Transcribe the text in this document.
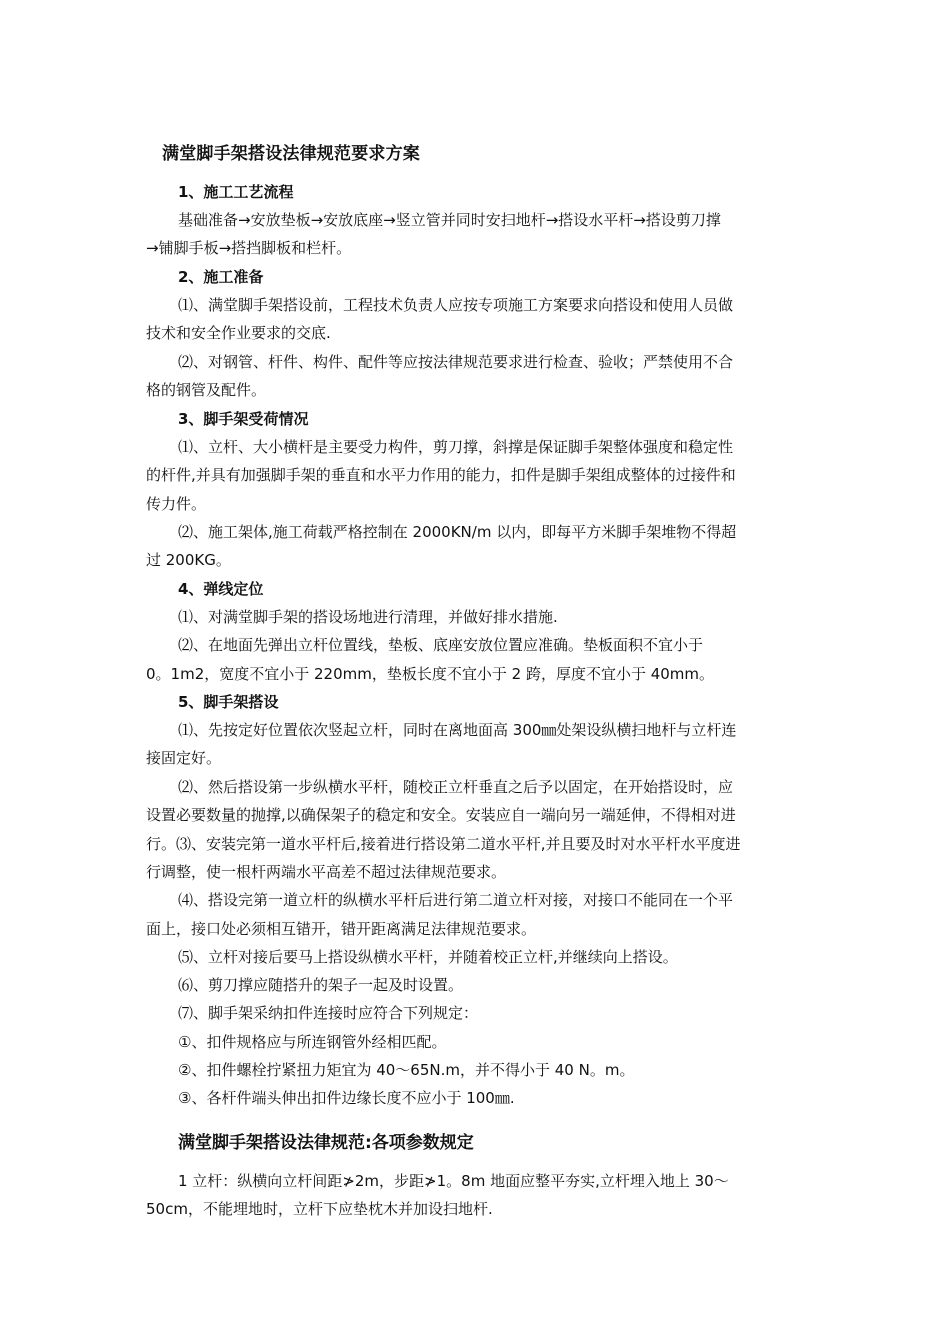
满堂脚手架搭设法律规范要求方案
1、施工工艺流程
基础准备→安放垫板→安放底座→竖立管并同时安扫地杆→搭设水平杆→搭设剪刀撑
→铺脚手板→搭挡脚板和栏杆。
2、施工准备
⑴、满堂脚手架搭设前，工程技术负责人应按专项施工方案要求向搭设和使用人员做
技术和安全作业要求的交底.
⑵、对钢管、杆件、构件、配件等应按法律规范要求进行检查、验收；严禁使用不合
格的钢管及配件。
3、脚手架受荷情况
⑴、立杆、大小横杆是主要受力构件，剪刀撑，斜撑是保证脚手架整体强度和稳定性
的杆件,并具有加强脚手架的垂直和水平力作用的能力，扣件是脚手架组成整体的过接件和
传力件。
⑵、施工架体,施工荷载严格控制在 2000KN/m 以内，即每平方米脚手架堆物不得超
过 200KG。
4、弹线定位
⑴、对满堂脚手架的搭设场地进行清理，并做好排水措施.
⑵、在地面先弹出立杆位置线，垫板、底座安放位置应准确。垫板面积不宜小于
0。1m2，宽度不宜小于 220mm，垫板长度不宜小于 2 跨，厚度不宜小于 40mm。
5、脚手架搭设
⑴、先按定好位置依次竖起立杆，同时在离地面高 300㎜处架设纵横扫地杆与立杆连
接固定好。
⑵、然后搭设第一步纵横水平杆，随校正立杆垂直之后予以固定，在开始搭设时，应
设置必要数量的抛撑,以确保架子的稳定和安全。安装应自一端向另一端延伸，不得相对进
行。⑶、安装完第一道水平杆后,接着进行搭设第二道水平杆,并且要及时对水平杆水平度进
行调整，使一根杆两端水平高差不超过法律规范要求。
⑷、搭设完第一道立杆的纵横水平杆后进行第二道立杆对接，对接口不能同在一个平
面上，接口处必须相互错开，错开距离满足法律规范要求。
⑸、立杆对接后要马上搭设纵横水平杆，并随着校正立杆,并继续向上搭设。
⑹、剪刀撑应随搭升的架子一起及时设置。
⑺、脚手架采纳扣件连接时应符合下列规定：
①、扣件规格应与所连钢管外经相匹配。
②、扣件螺栓拧紧扭力矩宜为 40～65N.m，并不得小于 40 N。m。
③、各杆件端头伸出扣件边缘长度不应小于 100㎜.
满堂脚手架搭设法律规范:各项参数规定
1 立杆：纵横向立杆间距≯2m，步距≯1。8m 地面应整平夯实,立杆埋入地上 30～
50cm，不能埋地时，立杆下应垫枕木并加设扫地杆.
